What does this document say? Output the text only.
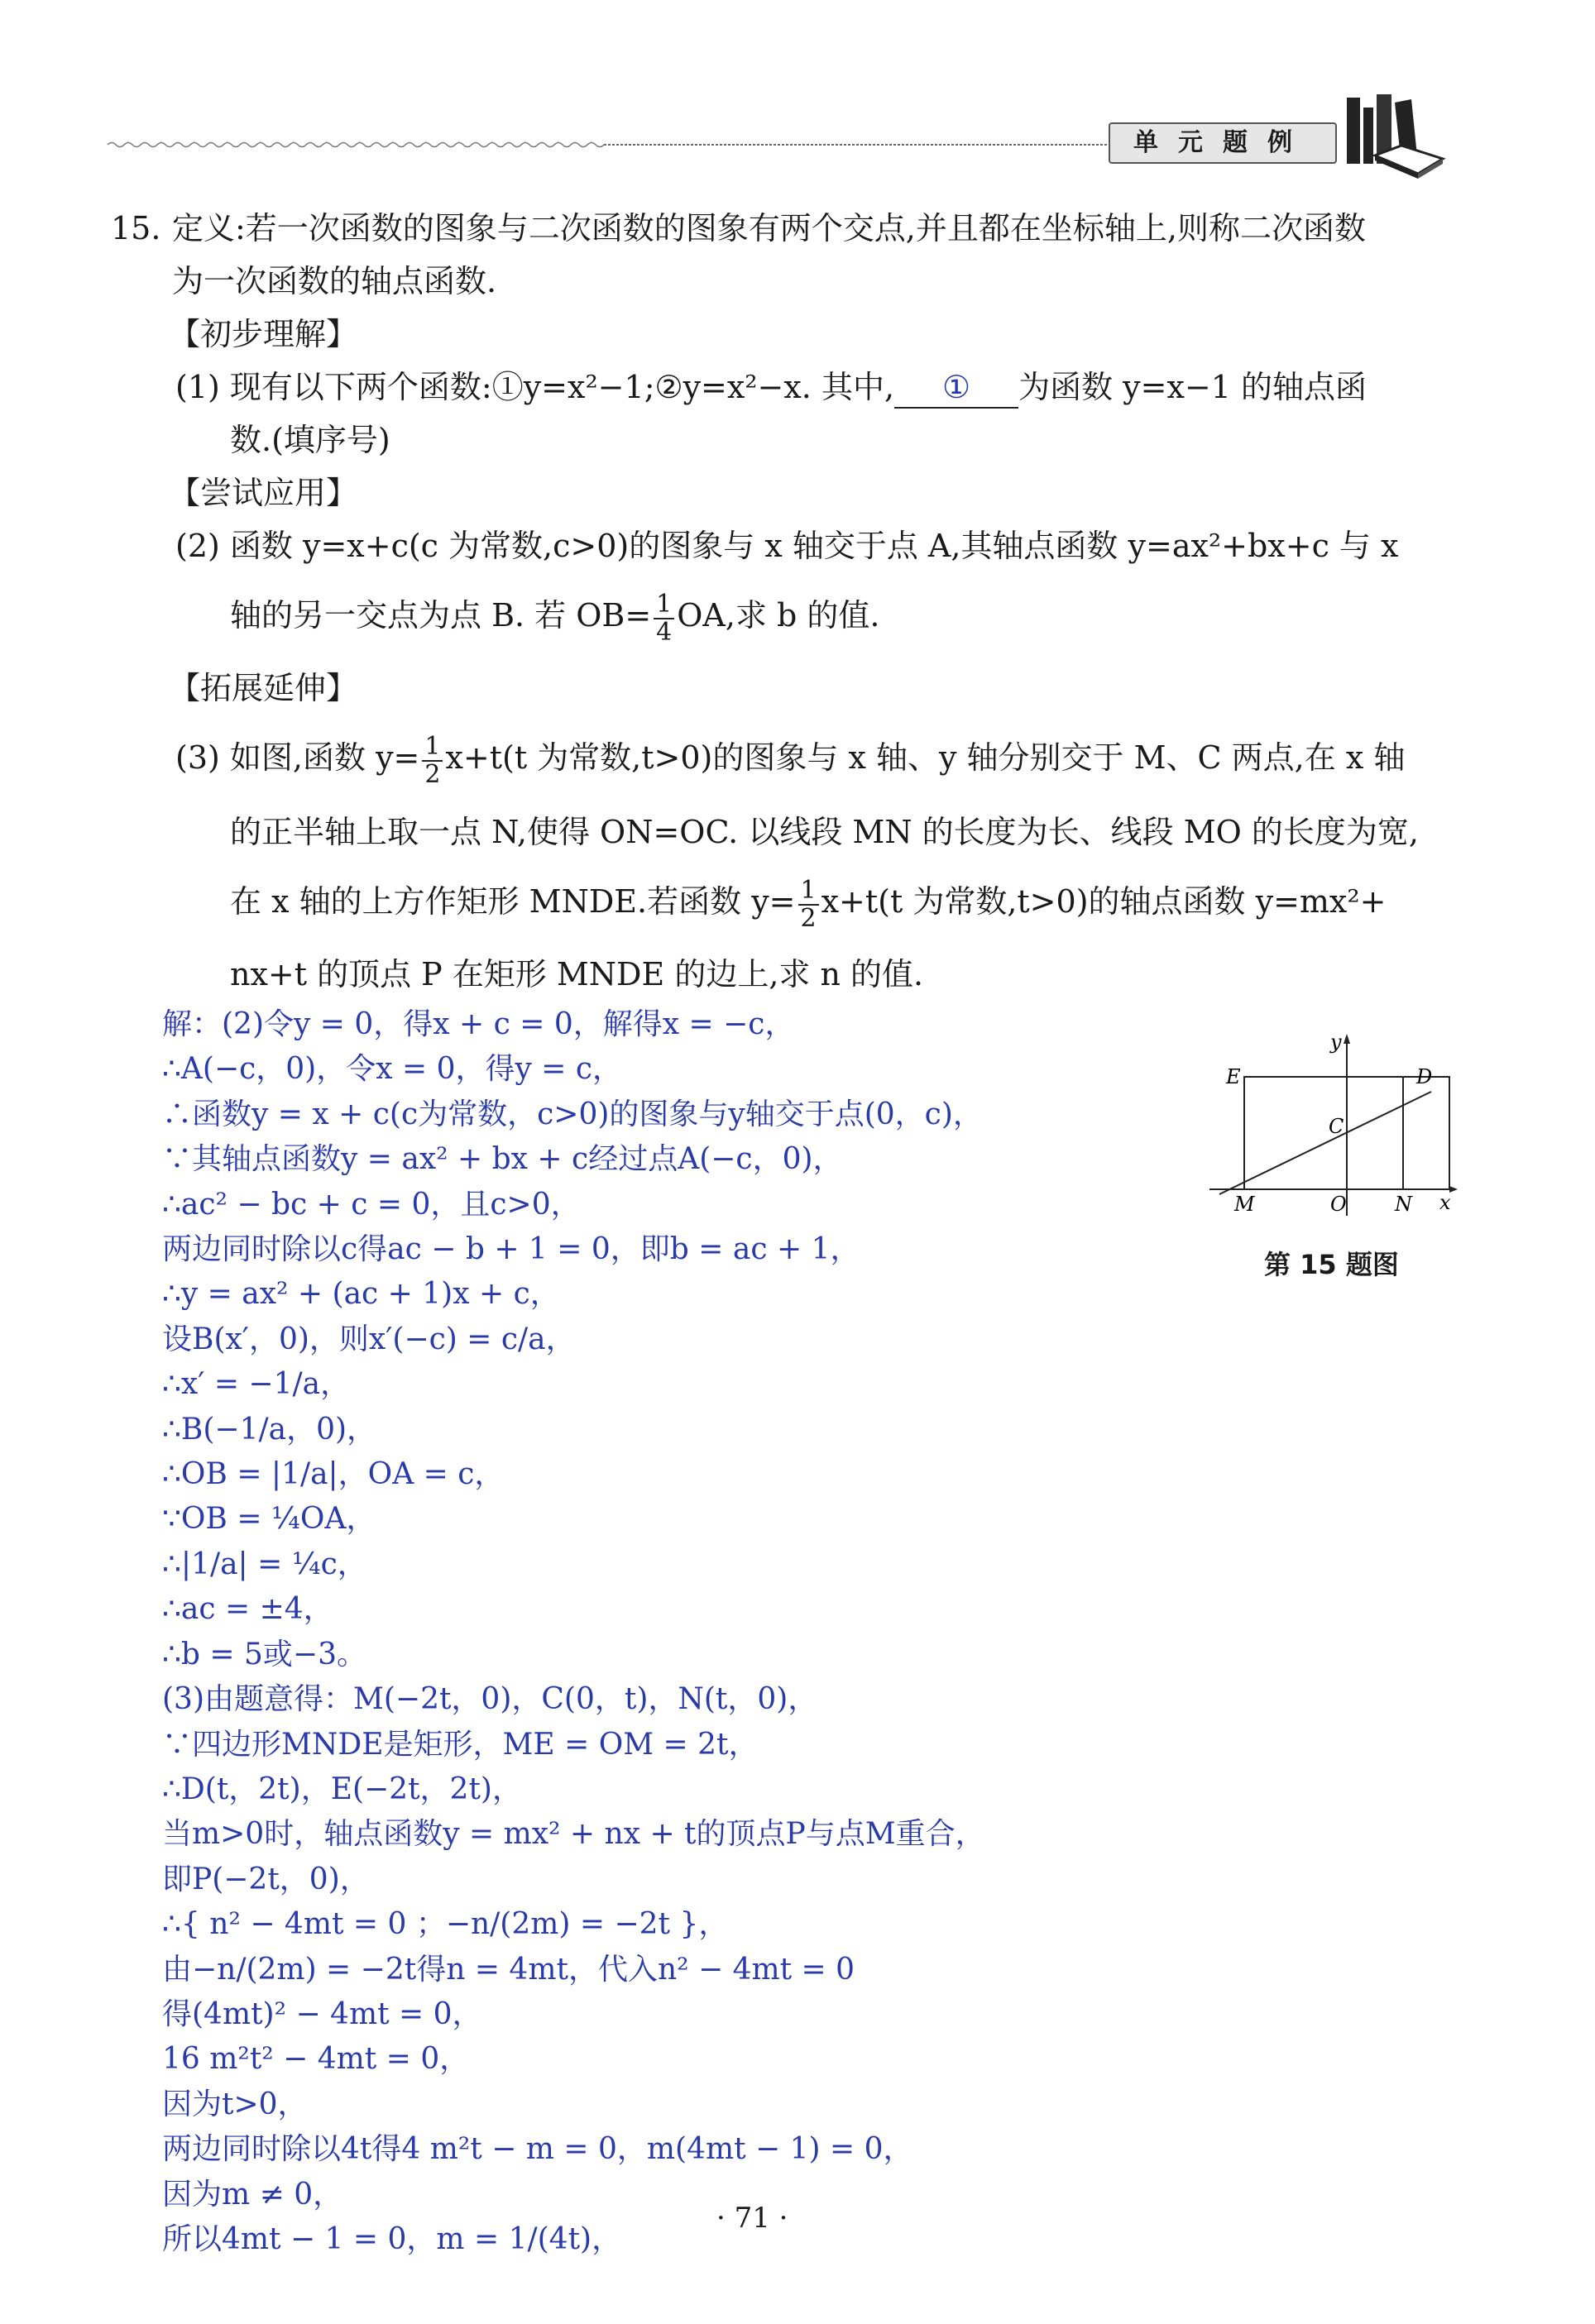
单元题例
15. 定义:若一次函数的图象与二次函数的图象有两个交点,并且都在坐标轴上,则称二次函数
为一次函数的轴点函数.
【初步理解】
(1) 现有以下两个函数:①y=x²−1;②y=x²−x. 其中, ① 为函数 y=x−1 的轴点函
数.(填序号)
【尝试应用】
(2) 函数 y=x+c(c 为常数,c>0)的图象与 x 轴交于点 A,其轴点函数 y=ax²+bx+c 与 x
轴的另一交点为点 B. 若 $OB= \frac{1}{4}$ OA,求 b 的值.
【拓展延伸】
(3) 如图,函数 $y= \frac{1}{2} x+t(t$ 为常数,t>0)的图象与 x 轴、y 轴分别交于 M、C 两点,在 x 轴
的正半轴上取一点 N,使得 ON=OC. 以线段 MN 的长度为长、线段 MO 的长度为宽,
在 x 轴的上方作矩形 MNDE.若函数 $y= \frac{1}{2} x+t(t$ 为常数,t>0)的轴点函数 y=mx²+
nx+t 的顶点 P 在矩形 MNDE 的边上,求 n 的值.
E	D
C
M	O N x
y
第 15 题图
解：(2)令y = 0，得x + c = 0，解得x = −c，
∴A(−c，0)，令x = 0，得y = c，
∴函数y = x + c(c为常数，c>0)的图象与y轴交于点(0，c)，
∵其轴点函数y = ax² + bx + c经过点A(−c，0)，
∴ac² − bc + c = 0，且c>0，
两边同时除以c得ac − b + 1 = 0，即b = ac + 1，
∴y = ax² + (ac + 1)x + c，
设B(x′，0)，则x′(−c) = c/a，
∴x′ = −1/a，
∴B(−1/a，0)，
∴OB = |1/a|，OA = c，
∵OB = ¼OA，
∴|1/a| = ¼c，
∴ac = ±4，
∴b = 5或−3。
(3)由题意得：M(−2t，0)，C(0，t)，N(t，0)，
∵四边形MNDE是矩形，ME = OM = 2t，
∴D(t，2t)，E(−2t，2t)，
当m>0时，轴点函数y = mx² + nx + t的顶点P与点M重合，
即P(−2t，0)，
∴{ n² − 4mt = 0 ；−n/(2m) = −2t }，
由−n/(2m) = −2t得n = 4mt，代入n² − 4mt = 0
得(4mt)² − 4mt = 0，
16 m²t² − 4mt = 0，
因为t>0，
两边同时除以4t得4 m²t − m = 0，m(4mt − 1) = 0，
因为m ≠ 0，
所以4mt − 1 = 0，m = 1/(4t)，
· 71 ·
